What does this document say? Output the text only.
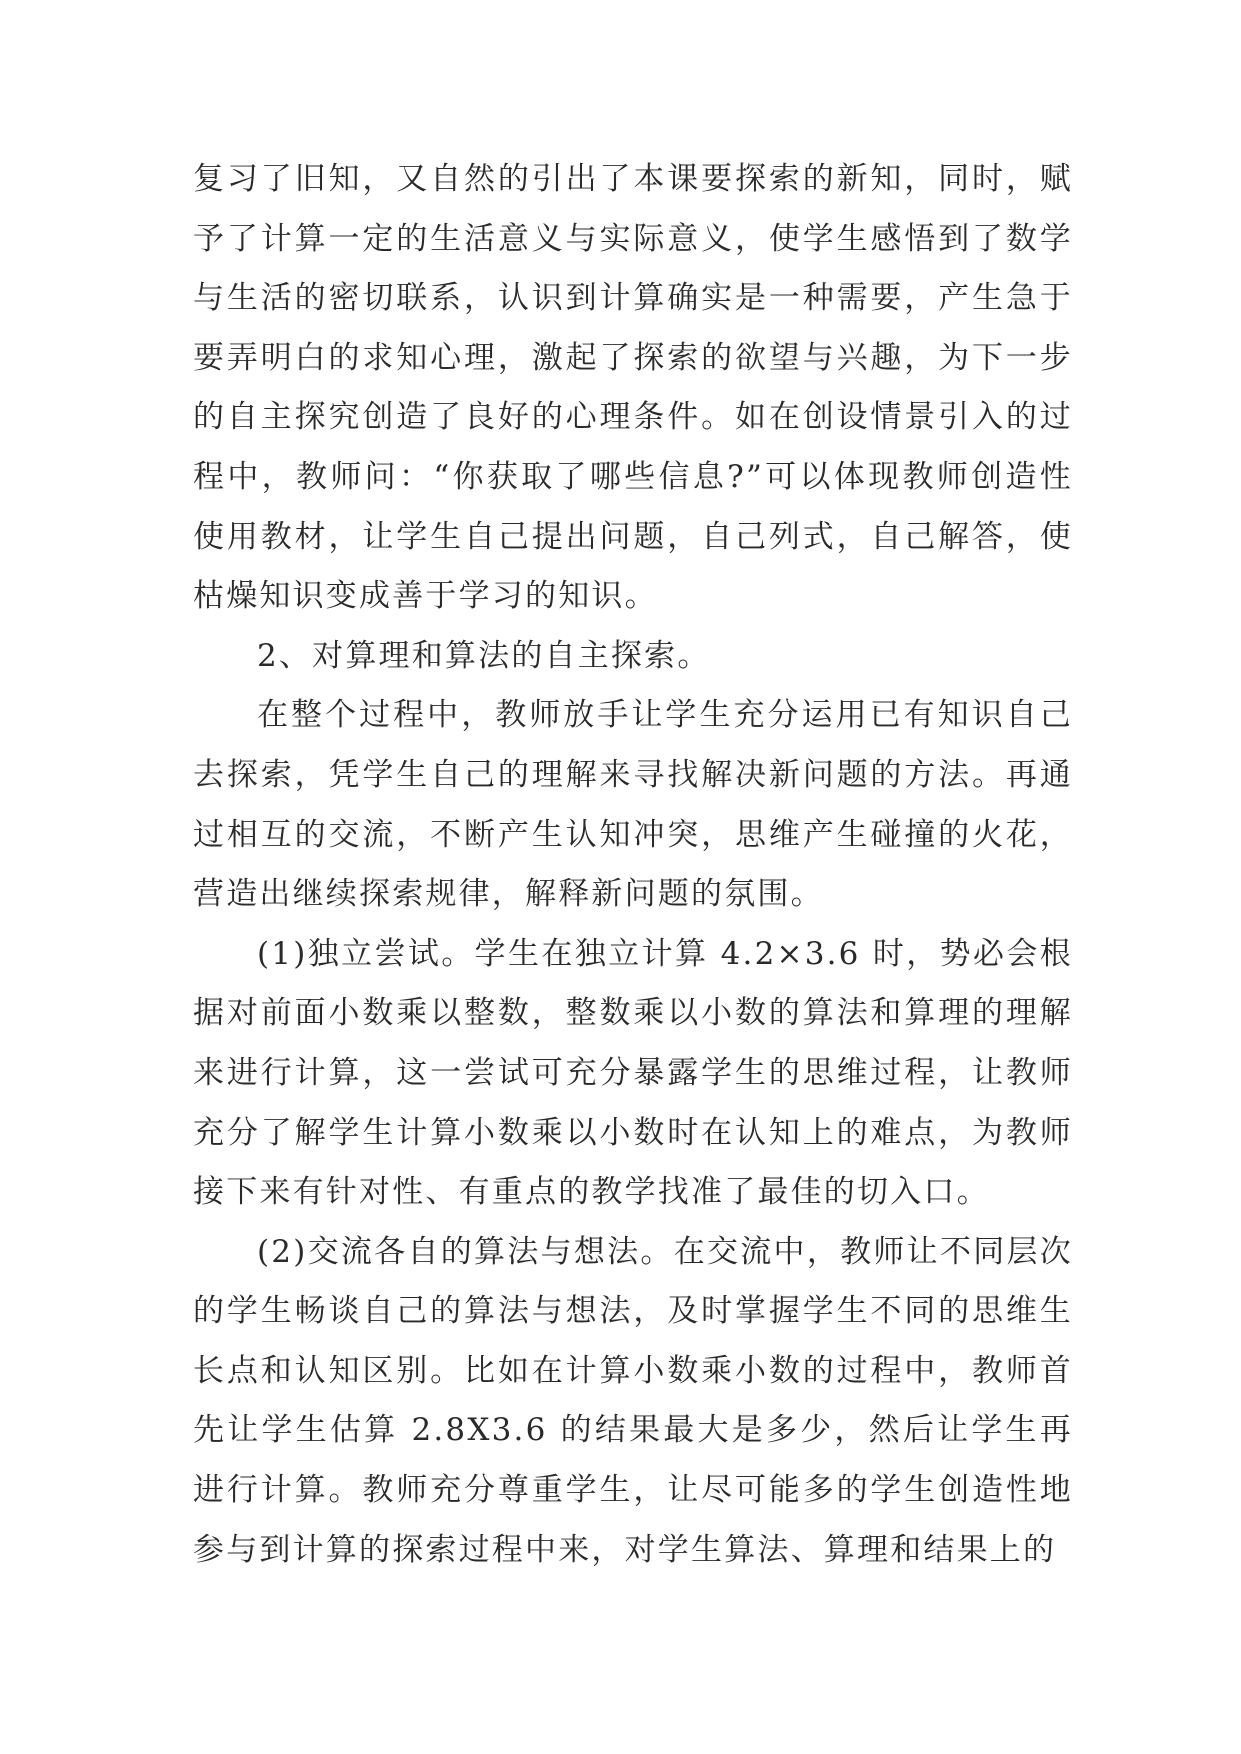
复习了旧知，又自然的引出了本课要探索的新知，同时，赋予了计算一定的生活意义与实际意义，使学生感悟到了数学与生活的密切联系，认识到计算确实是一种需要，产生急于要弄明白的求知心理，激起了探索的欲望与兴趣，为下一步的自主探究创造了良好的心理条件。如在创设情景引入的过程中，教师问：“你获取了哪些信息?”可以体现教师创造性使用教材，让学生自己提出问题，自己列式，自己解答，使枯燥知识变成善于学习的知识。

2、对算理和算法的自主探索。

在整个过程中，教师放手让学生充分运用已有知识自己去探索，凭学生自己的理解来寻找解决新问题的方法。再通过相互的交流，不断产生认知冲突，思维产生碰撞的火花，营造出继续探索规律，解释新问题的氛围。

(1)独立尝试。学生在独立计算 4.2×3.6 时，势必会根据对前面小数乘以整数，整数乘以小数的算法和算理的理解来进行计算，这一尝试可充分暴露学生的思维过程，让教师充分了解学生计算小数乘以小数时在认知上的难点，为教师接下来有针对性、有重点的教学找准了最佳的切入口。

(2)交流各自的算法与想法。在交流中，教师让不同层次的学生畅谈自己的算法与想法，及时掌握学生不同的思维生长点和认知区别。比如在计算小数乘小数的过程中，教师首先让学生估算 2.8X3.6 的结果最大是多少，然后让学生再进行计算。教师充分尊重学生，让尽可能多的学生创造性地参与到计算的探索过程中来，对学生算法、算理和结果上的
